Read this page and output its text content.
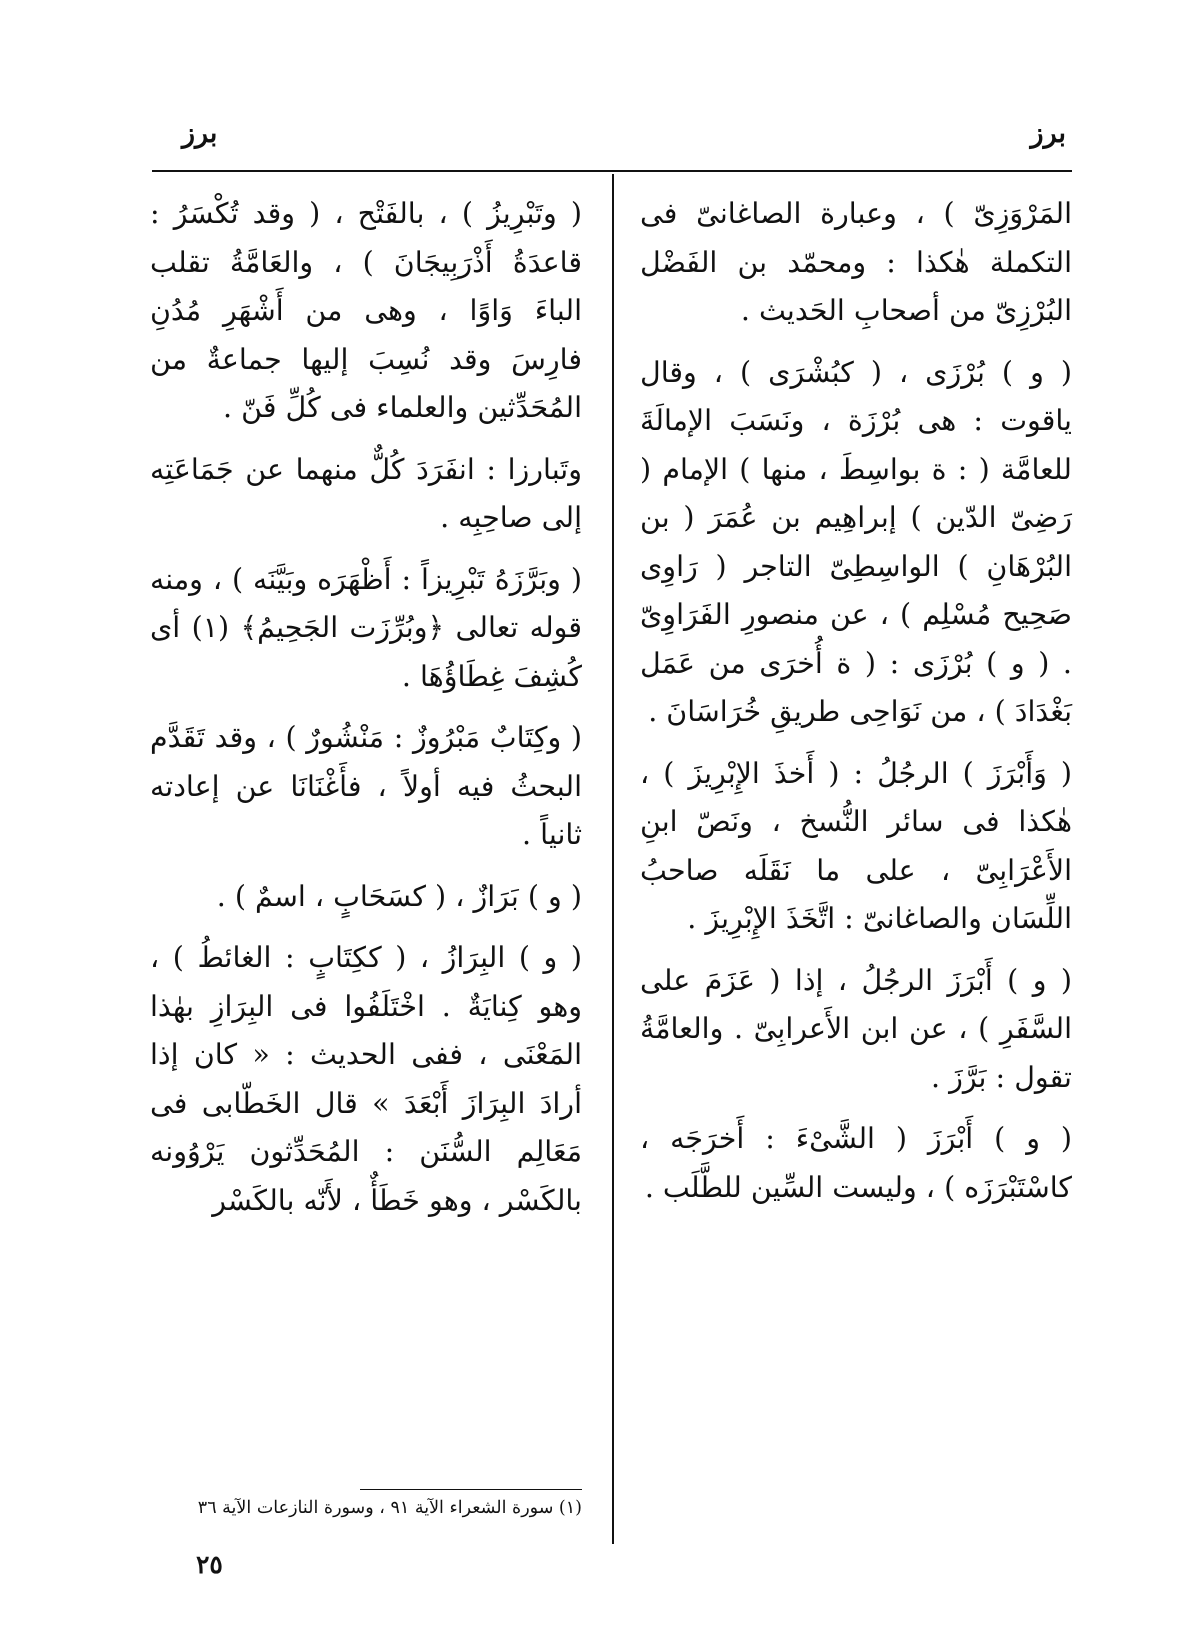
برز
برز

المَرْوَزِىّ ) ، وعبارة الصاغانىّ فى التكملة هٰكذا : ومحمّد بن الفَضْل البُرْزِىّ من أصحابِ الحَديث .

( و ) بُرْزَى ، ( كبُشْرَى ) ، وقال ياقوت : هى بُرْزَة ، ونَسَبَ الإمالَةَ للعامَّة ( : ة بواسِطَ ، منها ) الإمام ( رَضِىّ الدّين ) إبراهِيم بن عُمَرَ ( بن البُرْهَانِ ) الواسِطِىّ التاجر ( رَاوِى صَحِيح مُسْلِم ) ، عن منصورِ الفَرَاوِىّ . ( و ) بُرْزَى : ( ة أُخرَى من عَمَل بَغْدَادَ ) ، من نَوَاحِى طريقِ خُرَاسَانَ .

( وَأَبْرَزَ ) الرجُلُ : ( أَخذَ الإِبْرِيزَ ) ، هٰكذا فى سائر النُّسخ ، ونَصّ ابنِ الأَعْرَابِىّ ، على ما نَقَلَه صاحبُ اللِّسَان والصاغانىّ : اتَّخَذَ الإِبْرِيزَ .

( و ) أَبْرَزَ الرجُلُ ، إذا ( عَزَمَ على السَّفَرِ ) ، عن ابن الأَعرابِىّ . والعامَّةُ تقول : بَرَّزَ .

( و ) أَبْرَزَ ( الشَّىْءَ : أَخرَجَه ، كاسْتَبْرَزَه ) ، وليست السِّين للطَّلَب .

( وتَبْرِيزُ ) ، بالفَتْح ، ( وقد تُكْسَرُ : قاعدَةُ أَذْرَبِيجَانَ ) ، والعَامَّةُ تقلب الباءَ وَاوًا ، وهى من أَشْهَرِ مُدُنِ فارِسَ وقد نُسِبَ إليها جماعةٌ من المُحَدِّثين والعلماء فى كُلِّ فَنّ .

وتَبارزا : انفَرَدَ كُلٌّ منهما عن جَمَاعَتِه إلى صاحِبِه .

( وبَرَّزَهُ تَبْرِيزاً : أَظْهَرَه وبَيَّنَه ) ، ومنه قوله تعالى ﴿وبُرِّزَت الجَحِيمُ﴾ (١) أى كُشِفَ غِطَاؤُهَا .

( وكِتَابٌ مَبْرُوزٌ : مَنْشُورٌ ) ، وقد تَقَدَّم البحثُ فيه أولاً ، فأَغْنَانَا عن إعادته ثانياً .

( و ) بَرَازٌ ، ( كسَحَابٍ ، اسمٌ ) .

( و ) البِرَازُ ، ( ككِتَابٍ : الغائطُ ) ، وهو كِنايَةٌ . اخْتَلَفُوا فى البِرَازِ بهٰذا المَعْنَى ، ففى الحديث : « كان إذا أرادَ البِرَازَ أَبْعَدَ » قال الخَطّابى فى مَعَالِم السُّنَن : المُحَدِّثون يَرْوُونه بالكَسْر ، وهو خَطَأٌ ، لأَنّه بالكَسْر

(١) سورة الشعراء الآية ٩١ ، وسورة النازعات الآية ٣٦
٢٥
